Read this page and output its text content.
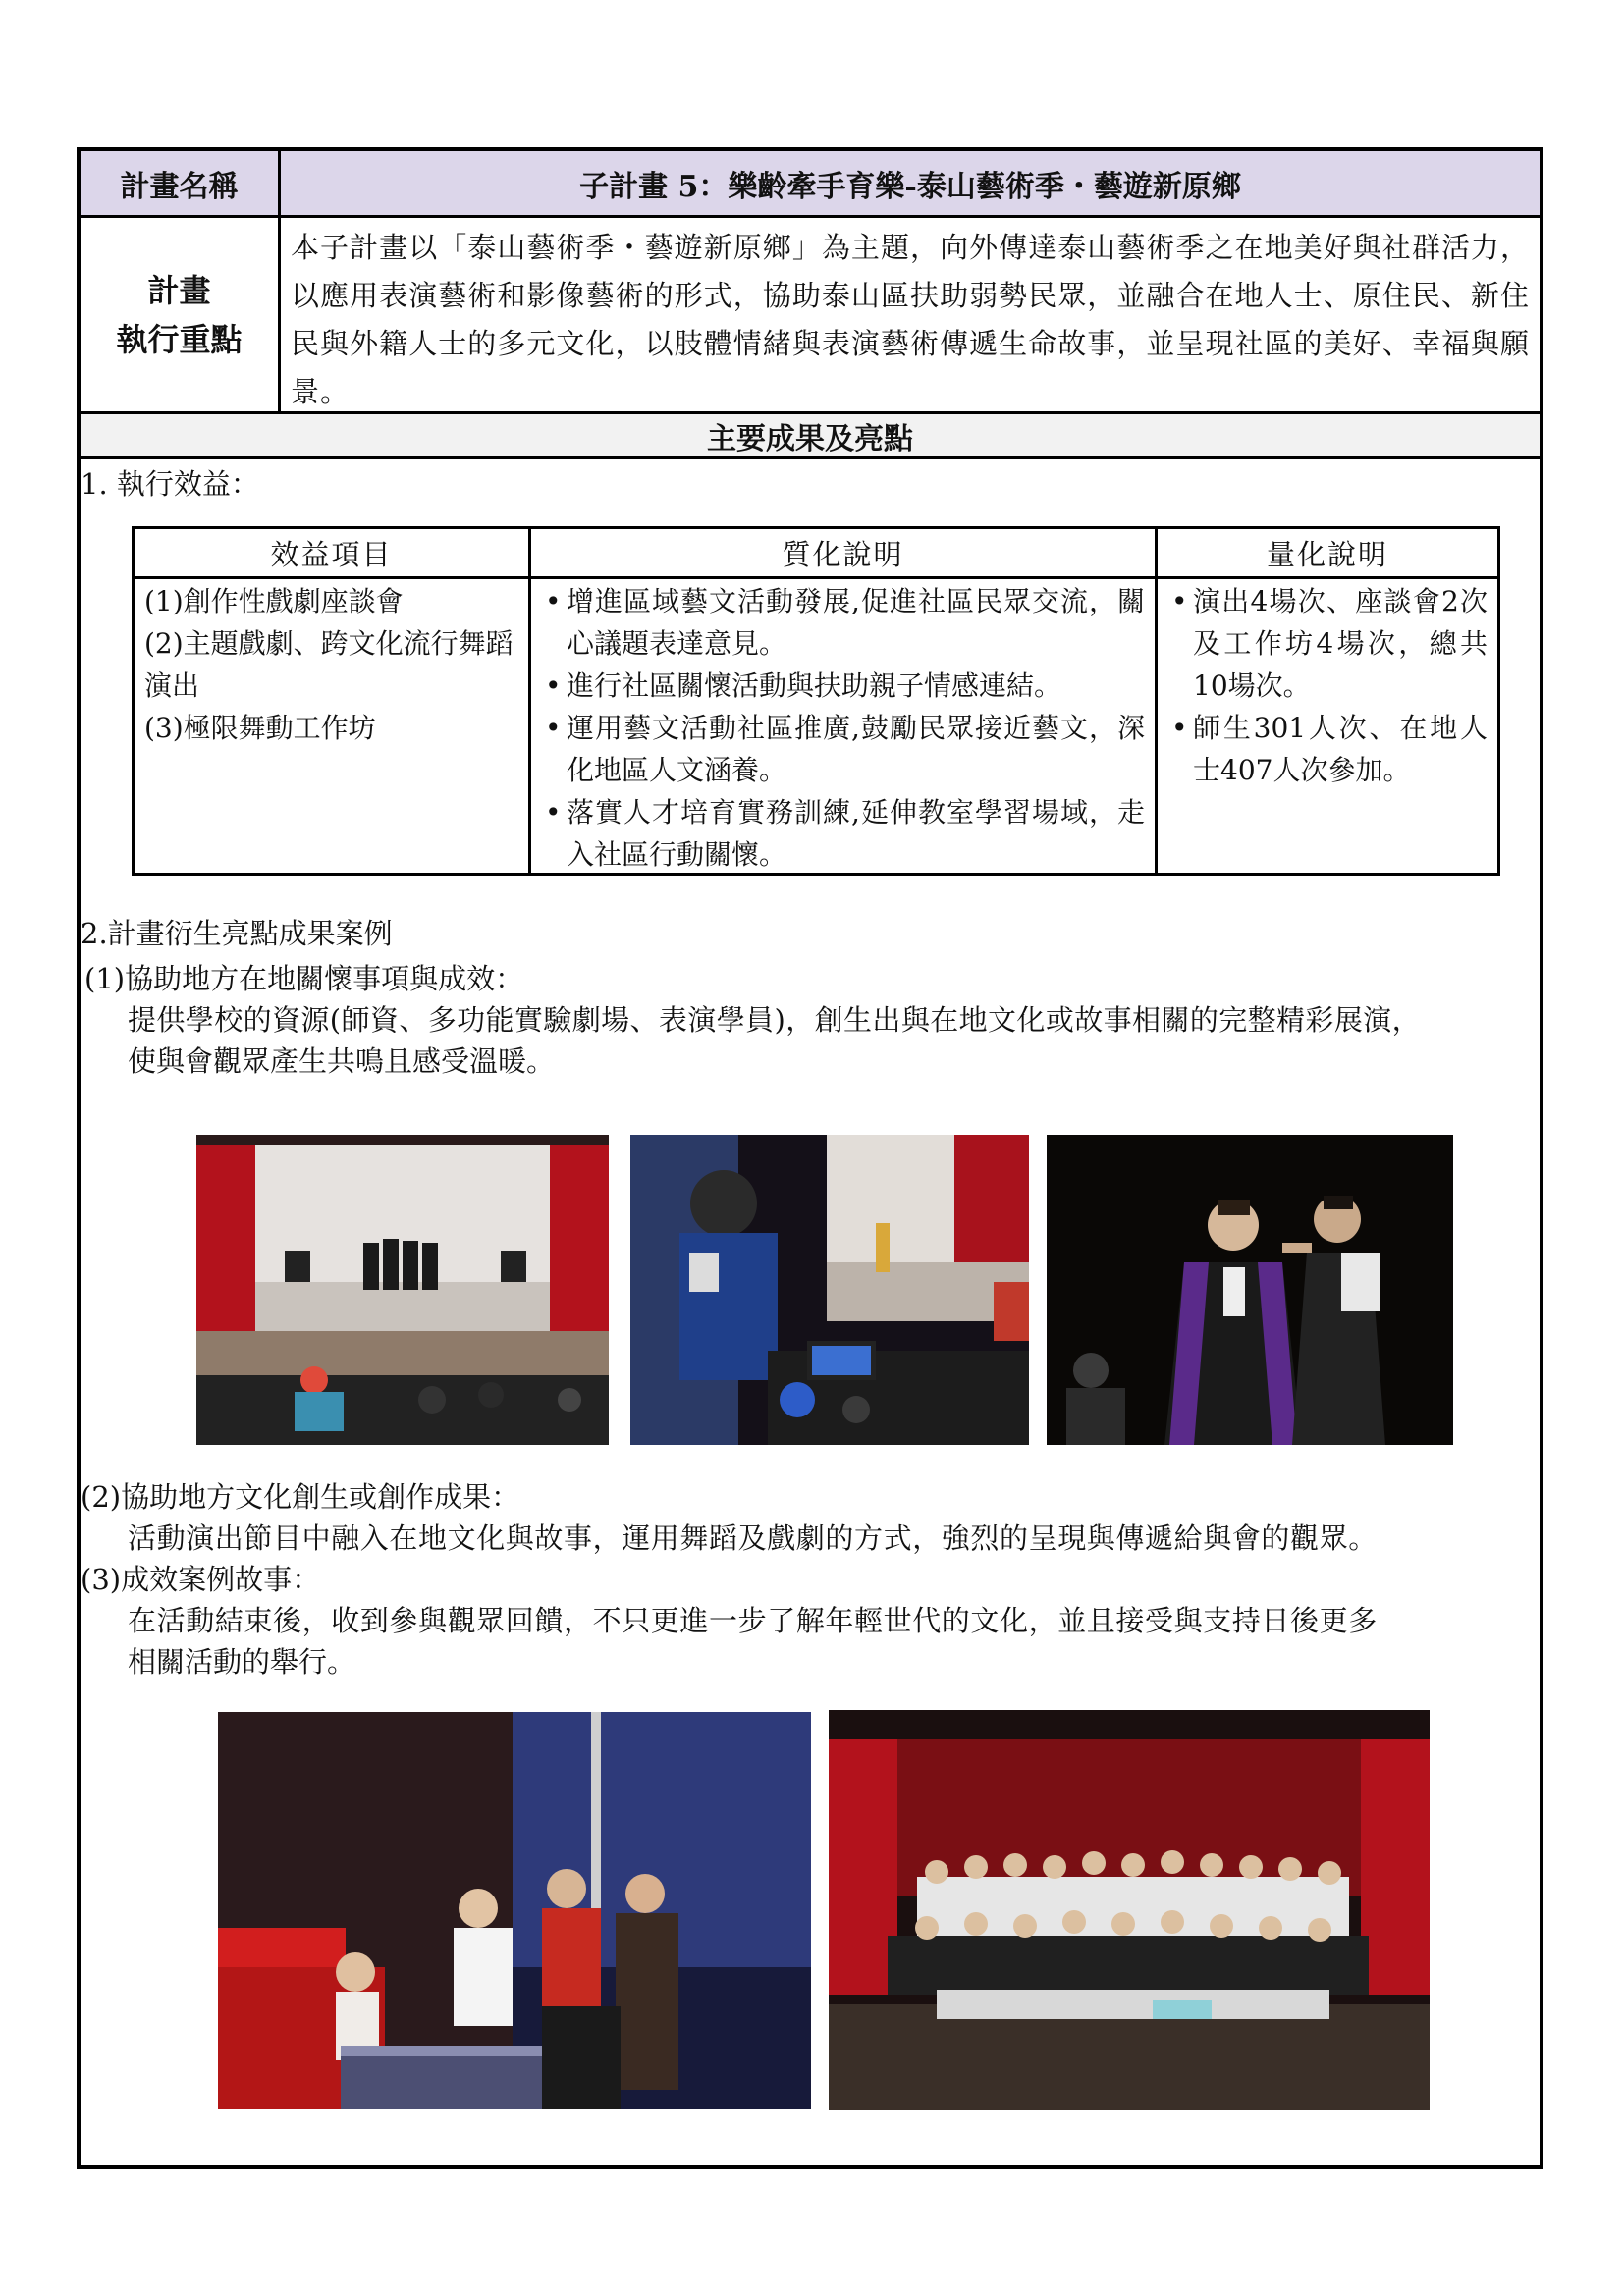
計畫名稱	子計畫 5：樂齡牽手育樂-泰山藝術季・藝遊新原鄉
計畫
執行重點
本子計畫以「泰山藝術季・藝遊新原鄉」為主題，向外傳達泰山藝術季之在地美好與社群活力，以應用表演藝術和影像藝術的形式，協助泰山區扶助弱勢民眾，並融合在地人士、原住民、新住民與外籍人士的多元文化，以肢體情緒與表演藝術傳遞生命故事，並呈現社區的美好、幸福與願景。
主要成果及亮點
1. 執行效益：
效益項目
(1)創作性戲劇座談會
(2)主題戲劇、跨文化流行舞蹈演出
(3)極限舞動工作坊
質化說明
• 增進區域藝文活動發展,促進社區民眾交流，關心議題表達意見。
• 進行社區關懷活動與扶助親子情感連結。
• 運用藝文活動社區推廣,鼓勵民眾接近藝文，深化地區人文涵養。
• 落實人才培育實務訓練,延伸教室學習場域，走入社區行動關懷。
量化說明
• 演出4場次、座談會2次及工作坊4場次，總共10場次。
• 師生301人次、在地人士407人次參加。
2.計畫衍生亮點成果案例
(1)協助地方在地關懷事項與成效：
提供學校的資源(師資、多功能實驗劇場、表演學員)，創生出與在地文化或故事相關的完整精彩展演，
使與會觀眾產生共鳴且感受溫暖。
(2)協助地方文化創生或創作成果：
活動演出節目中融入在地文化與故事，運用舞蹈及戲劇的方式，強烈的呈現與傳遞給與會的觀眾。
(3)成效案例故事：
在活動結束後，收到參與觀眾回饋，不只更進一步了解年輕世代的文化，並且接受與支持日後更多
相關活動的舉行。
